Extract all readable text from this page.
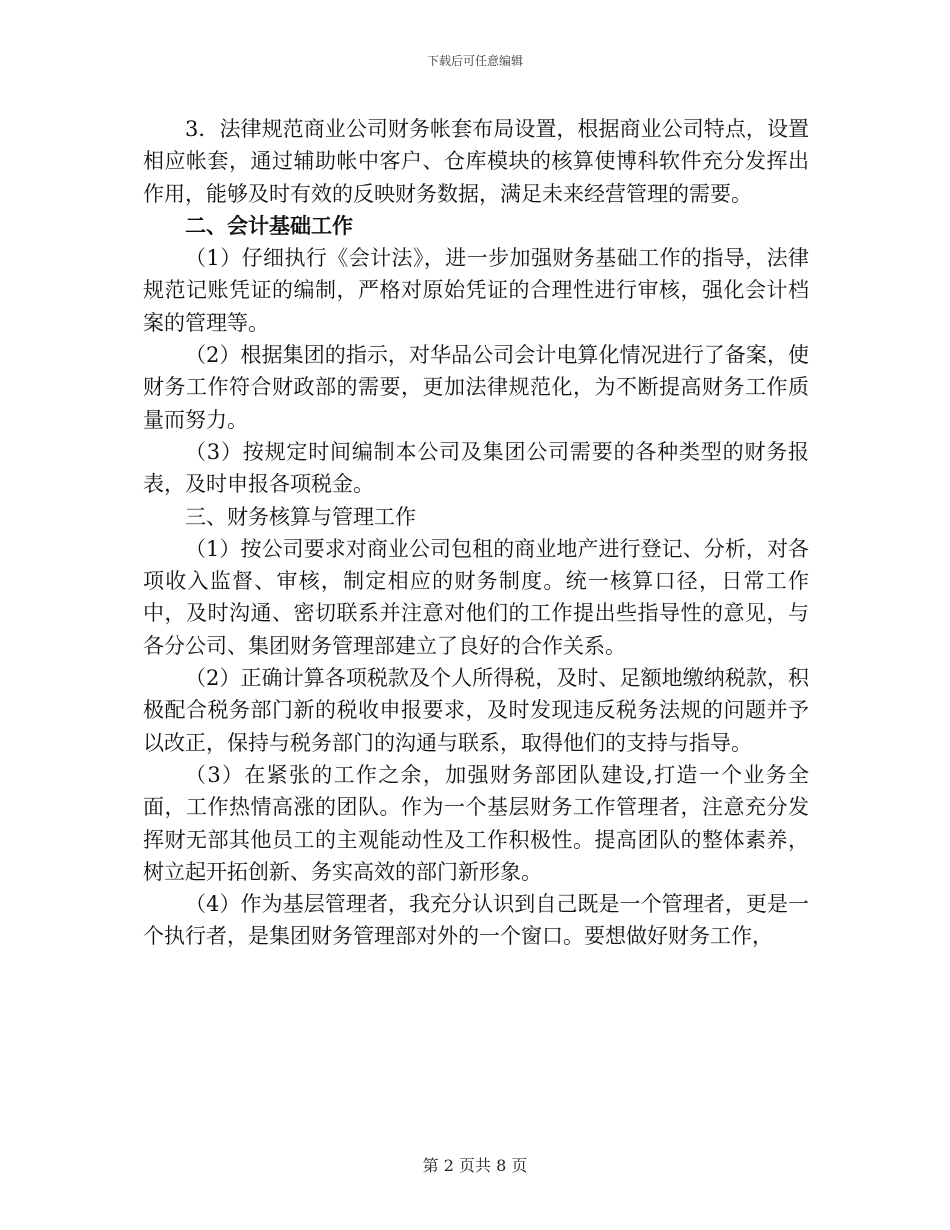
下载后可任意编辑

3．法律规范商业公司财务帐套布局设置，根据商业公司特点，设置相应帐套，通过辅助帐中客户、仓库模块的核算使博科软件充分发挥出作用，能够及时有效的反映财务数据，满足未来经营管理的需要。

二、会计基础工作

（1）仔细执行《会计法》，进一步加强财务基础工作的指导，法律规范记账凭证的编制，严格对原始凭证的合理性进行审核，强化会计档案的管理等。

（2）根据集团的指示，对华品公司会计电算化情况进行了备案，使财务工作符合财政部的需要，更加法律规范化，为不断提高财务工作质量而努力。

（3）按规定时间编制本公司及集团公司需要的各种类型的财务报表，及时申报各项税金。

三、财务核算与管理工作

（1）按公司要求对商业公司包租的商业地产进行登记、分析，对各项收入监督、审核，制定相应的财务制度。统一核算口径，日常工作中，及时沟通、密切联系并注意对他们的工作提出些指导性的意见，与各分公司、集团财务管理部建立了良好的合作关系。

（2）正确计算各项税款及个人所得税，及时、足额地缴纳税款，积极配合税务部门新的税收申报要求，及时发现违反税务法规的问题并予以改正，保持与税务部门的沟通与联系，取得他们的支持与指导。

（3）在紧张的工作之余，加强财务部团队建设,打造一个业务全面，工作热情高涨的团队。作为一个基层财务工作管理者，注意充分发挥财无部其他员工的主观能动性及工作积极性。提高团队的整体素养，树立起开拓创新、务实高效的部门新形象。

（4）作为基层管理者，我充分认识到自己既是一个管理者，更是一个执行者，是集团财务管理部对外的一个窗口。要想做好财务工作，

第 2 页共 8 页
